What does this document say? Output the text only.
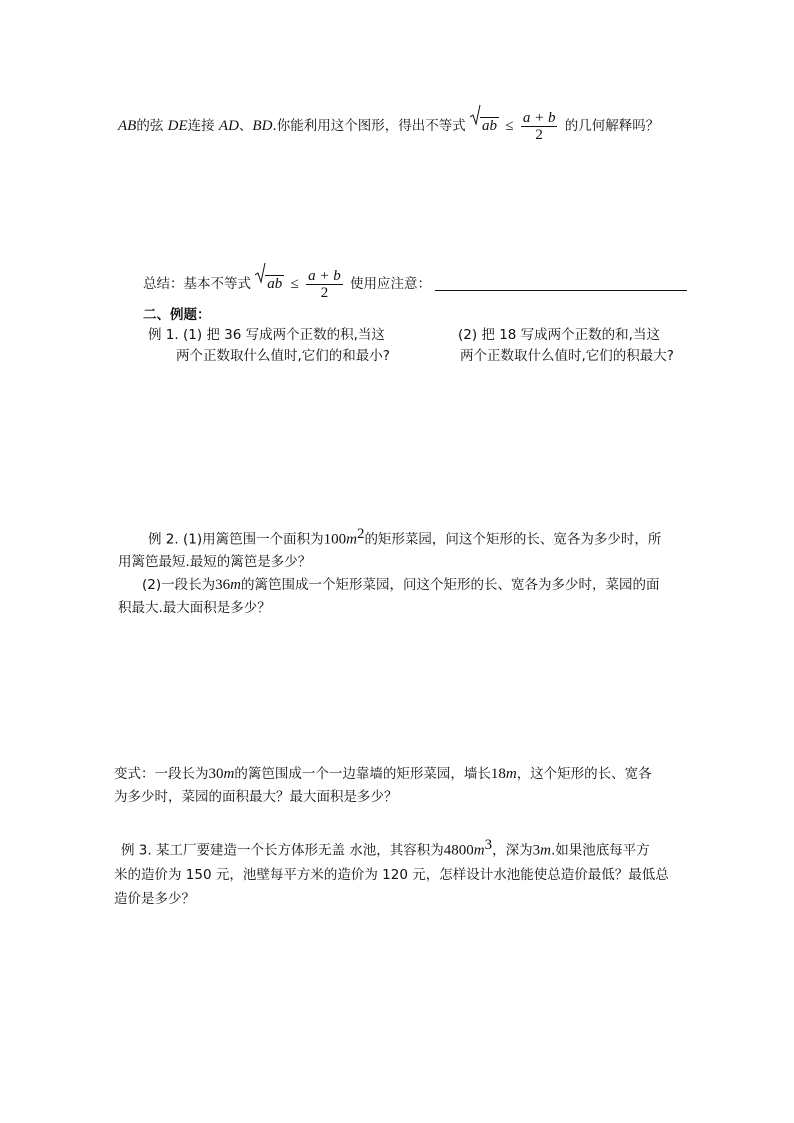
AB的弦 DE连接 AD、BD.你能利用这个图形，得出不等式 ab ≤ $\frac{a + b}{2}$ 的几何解释吗？
总结：基本不等式 ab ≤ $\frac{a + b}{2}$ 使用应注意：
二、例题：
例 1. (1) 把 36 写成两个正数的积,当这
两个正数取什么值时,它们的和最小?
(2) 把 18 写成两个正数的和,当这
两个正数取什么值时,它们的积最大?
例 2. (1)用篱笆围一个面积为$100m^2$的矩形菜园，问这个矩形的长、宽各为多少时，所
用篱笆最短.最短的篱笆是多少？
(2)一段长为36m的篱笆围成一个矩形菜园，问这个矩形的长、宽各为多少时，菜园的面
积最大.最大面积是多少？
变式：一段长为30m的篱笆围成一个一边靠墙的矩形菜园，墙长18m，这个矩形的长、宽各
为多少时，菜园的面积最大？最大面积是多少？
例 3. 某工厂要建造一个长方体形无盖 水池，其容积为$4800m^3$，深为3m.如果池底每平方
米的造价为 150 元，池壁每平方米的造价为 120 元，怎样设计水池能使总造价最低？最低总
造价是多少？
